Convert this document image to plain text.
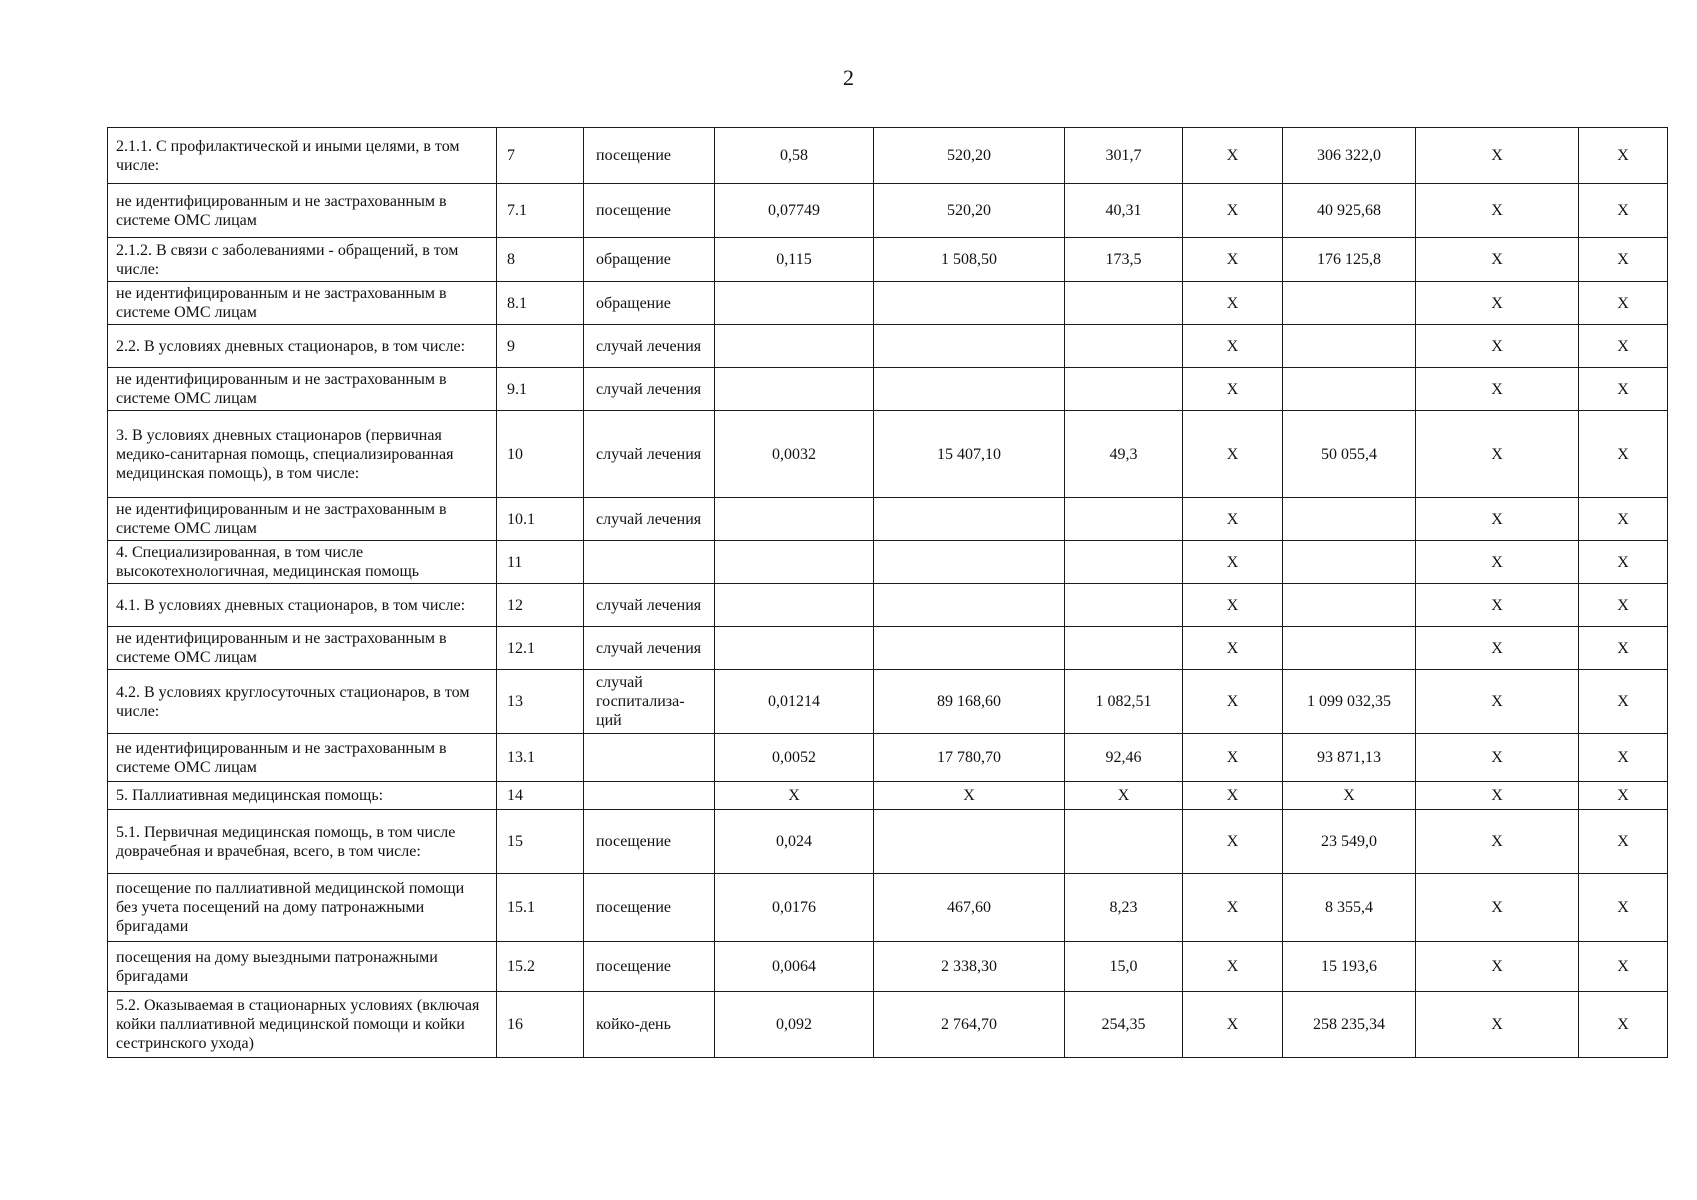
2
2.1.1. С профилактической и иными целями, в том числе:	7	посещение	0,58	520,20	301,7	X	306 322,0	X	X
не идентифицированным и не застрахованным в системе ОМС лицам	7.1	посещение	0,07749	520,20	40,31	X	40 925,68	X	X
2.1.2. В связи с заболеваниями - обращений, в том числе:	8	обращение	0,115	1 508,50	173,5	X	176 125,8	X	X
не идентифицированным и не застрахованным в системе ОМС лицам	8.1	обращение				X		X	X
2.2. В условиях дневных стационаров, в том числе:	9	случай лечения				X		X	X
не идентифицированным и не застрахованным в системе ОМС лицам	9.1	случай лечения				X		X	X
3. В условиях дневных стационаров (первичная медико-санитарная помощь, специализированная медицинская помощь), в том числе:	10	случай лечения	0,0032	15 407,10	49,3	X	50 055,4	X	X
не идентифицированным и не застрахованным в системе ОМС лицам	10.1	случай лечения				X		X	X
4. Специализированная, в том числе высокотехнологичная, медицинская помощь	11					X		X	X
4.1. В условиях дневных стационаров, в том числе:	12	случай лечения				X		X	X
не идентифицированным и не застрахованным в системе ОМС лицам	12.1	случай лечения				X		X	X
4.2. В условиях круглосуточных стационаров, в том числе:	13	случай госпитализа-ций	0,01214	89 168,60	1 082,51	X	1 099 032,35	X	X
не идентифицированным и не застрахованным в системе ОМС лицам	13.1		0,0052	17 780,70	92,46	X	93 871,13	X	X
5. Паллиативная медицинская помощь:	14		X	X	X	X	X	X	X
5.1. Первичная медицинская помощь, в том числе доврачебная и врачебная, всего, в том числе:	15	посещение	0,024			X	23 549,0	X	X
посещение по паллиативной медицинской помощи без учета посещений на дому патронажными бригадами	15.1	посещение	0,0176	467,60	8,23	X	8 355,4	X	X
посещения на дому выездными патронажными бригадами	15.2	посещение	0,0064	2 338,30	15,0	X	15 193,6	X	X
5.2. Оказываемая в стационарных условиях (включая койки паллиативной медицинской помощи и койки сестринского ухода)	16	койко-день	0,092	2 764,70	254,35	X	258 235,34	X	X
